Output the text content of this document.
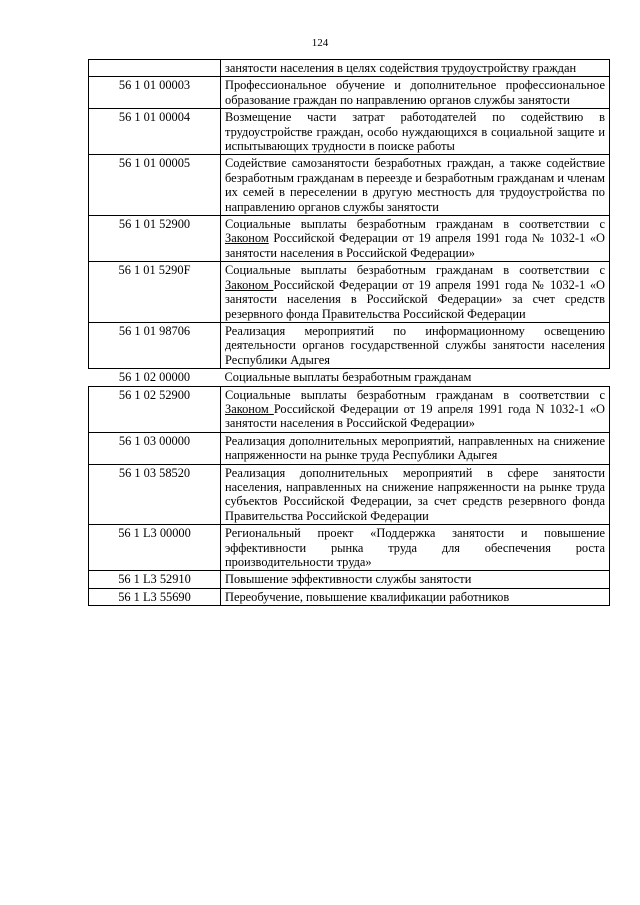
124
	занятости населения в целях содействия трудоустройству граждан
56 1 01 00003	Профессиональное обучение и дополнительное профессиональное образование граждан по направлению органов службы занятости
56 1 01 00004	Возмещение части затрат работодателей по содействию в трудоустройстве граждан, особо нуждающихся в социальной защите и испытывающих трудности в поиске работы
56 1 01 00005	Содействие самозанятости безработных граждан, а также содействие безработным гражданам в переезде и безработным гражданам и членам их семей в переселении в другую местность для трудоустройства по направлению органов службы занятости
56 1 01 52900	Социальные выплаты безработным гражданам в соответствии с Законом Российской Федерации от 19 апреля 1991 года № 1032-1 «О занятости населения в Российской Федерации»
56 1 01 5290F	Социальные выплаты безработным гражданам в соответствии с Законом Российской Федерации от 19 апреля 1991 года № 1032-1 «О занятости населения в Российской Федерации» за счет средств резервного фонда Правительства Российской Федерации
56 1 01 98706	Реализация мероприятий по информационному освещению деятельности органов государственной службы занятости населения Республики Адыгея
56 1 02 00000	Социальные выплаты безработным гражданам
56 1 02 52900	Социальные выплаты безработным гражданам в соответствии с Законом Российской Федерации от 19 апреля 1991 года N 1032-1 «О занятости населения в Российской Федерации»
56 1 03 00000	Реализация дополнительных мероприятий, направленных на снижение напряженности на рынке труда Республики Адыгея
56 1 03 58520	Реализация дополнительных мероприятий в сфере занятости населения, направленных на снижение напряженности на рынке труда субъектов Российской Федерации, за счет средств резервного фонда Правительства Российской Федерации
56 1 L3 00000	Региональный проект «Поддержка занятости и повышение эффективности рынка труда для обеспечения роста производительности труда»
56 1 L3 52910	Повышение эффективности службы занятости
56 1 L3 55690	Переобучение, повышение квалификации работников
